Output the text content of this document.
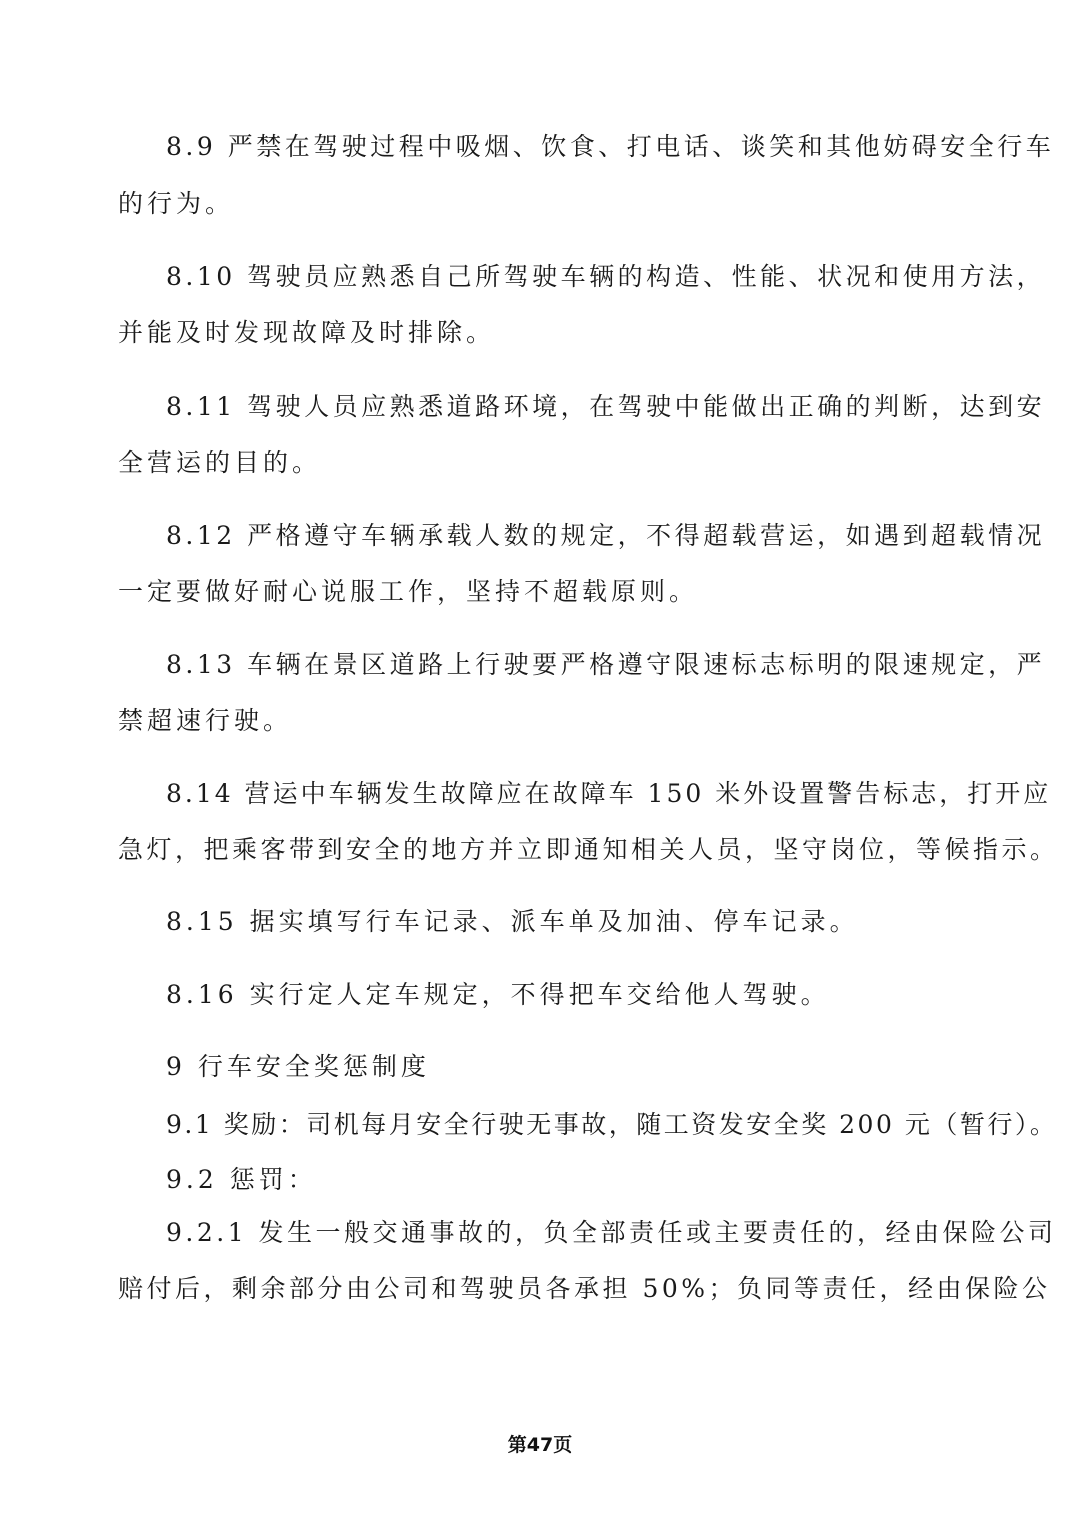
8.9 严禁在驾驶过程中吸烟、饮食、打电话、谈笑和其他妨碍安全行车
的行为。
8.10 驾驶员应熟悉自己所驾驶车辆的构造、性能、状况和使用方法，
并能及时发现故障及时排除。
8.11 驾驶人员应熟悉道路环境，在驾驶中能做出正确的判断，达到安
全营运的目的。
8.12 严格遵守车辆承载人数的规定，不得超载营运，如遇到超载情况
一定要做好耐心说服工作，坚持不超载原则。
8.13 车辆在景区道路上行驶要严格遵守限速标志标明的限速规定，严
禁超速行驶。
8.14 营运中车辆发生故障应在故障车 150 米外设置警告标志，打开应
急灯，把乘客带到安全的地方并立即通知相关人员，坚守岗位，等候指示。
8.15 据实填写行车记录、派车单及加油、停车记录。
8.16 实行定人定车规定，不得把车交给他人驾驶。
9 行车安全奖惩制度
9.1 奖励：司机每月安全行驶无事故，随工资发安全奖 200 元（暂行）。
9.2 惩罚：
9.2.1 发生一般交通事故的，负全部责任或主要责任的，经由保险公司
赔付后，剩余部分由公司和驾驶员各承担 50%；负同等责任，经由保险公
第47页
